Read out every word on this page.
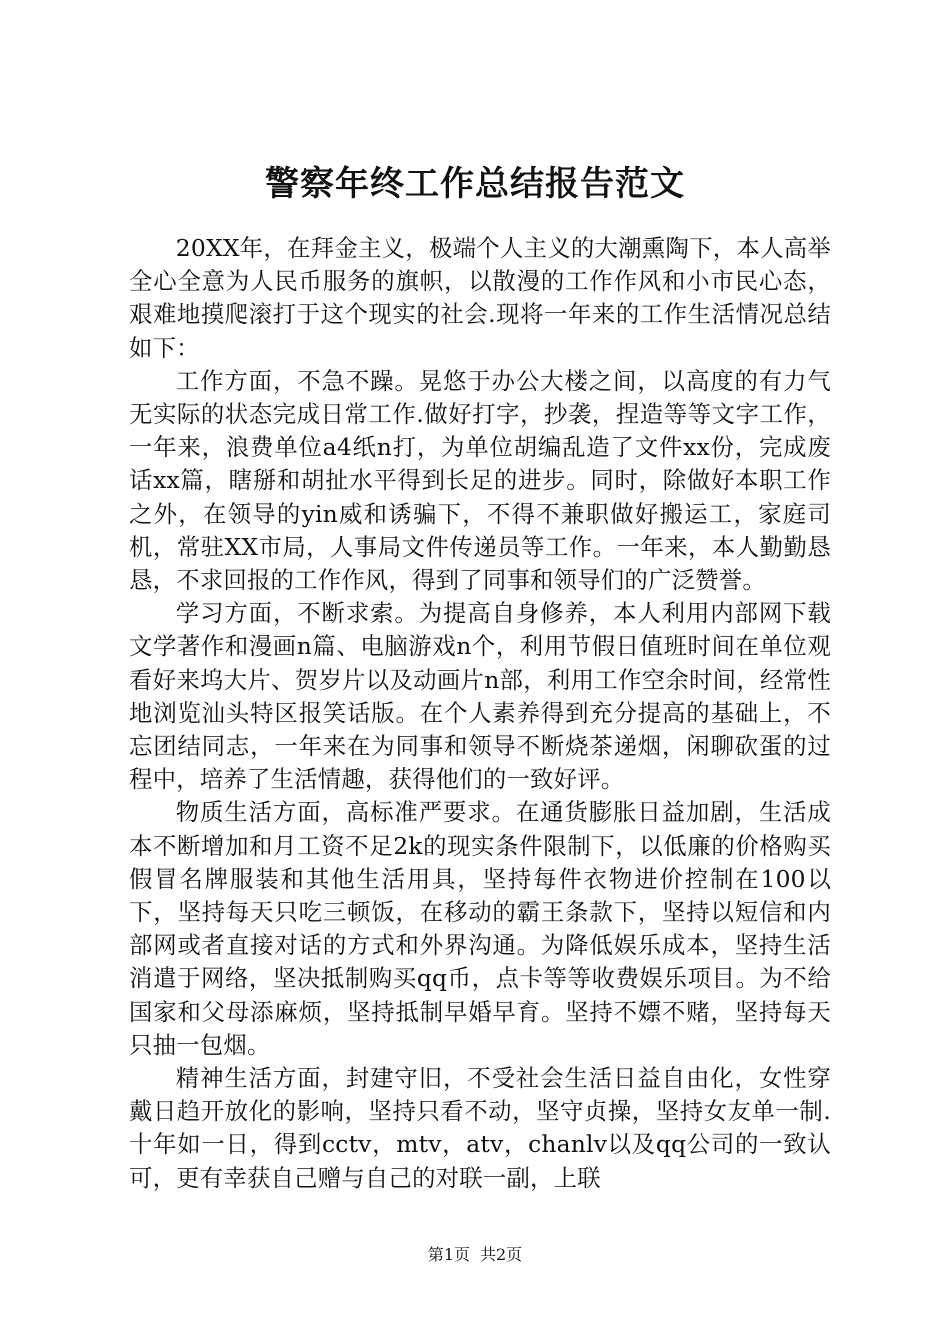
警察年终工作总结报告范文

20XX年，在拜金主义，极端个人主义的大潮熏陶下，本人高举全心全意为人民币服务的旗帜，以散漫的工作作风和小市民心态，艰难地摸爬滚打于这个现实的社会.现将一年来的工作生活情况总结如下：

工作方面，不急不躁。晃悠于办公大楼之间，以高度的有力气无实际的状态完成日常工作.做好打字，抄袭，捏造等等文字工作，一年来，浪费单位a4纸n打，为单位胡编乱造了文件xx份，完成废话xx篇，瞎掰和胡扯水平得到长足的进步。同时，除做好本职工作之外，在领导的yin威和诱骗下，不得不兼职做好搬运工，家庭司机，常驻XX市局，人事局文件传递员等工作。一年来，本人勤勤恳恳，不求回报的工作作风，得到了同事和领导们的广泛赞誉。

学习方面，不断求索。为提高自身修养，本人利用内部网下载文学著作和漫画n篇、电脑游戏n个，利用节假日值班时间在单位观看好来坞大片、贺岁片以及动画片n部，利用工作空余时间，经常性地浏览汕头特区报笑话版。在个人素养得到充分提高的基础上，不忘团结同志，一年来在为同事和领导不断烧茶递烟，闲聊砍蛋的过程中，培养了生活情趣，获得他们的一致好评。

物质生活方面，高标准严要求。在通货膨胀日益加剧，生活成本不断增加和月工资不足2k的现实条件限制下，以低廉的价格购买假冒名牌服装和其他生活用具，坚持每件衣物进价控制在100以下，坚持每天只吃三顿饭，在移动的霸王条款下，坚持以短信和内部网或者直接对话的方式和外界沟通。为降低娱乐成本，坚持生活消遣于网络，坚决抵制购买qq币，点卡等等收费娱乐项目。为不给国家和父母添麻烦，坚持抵制早婚早育。坚持不嫖不赌，坚持每天只抽一包烟。

精神生活方面，封建守旧，不受社会生活日益自由化，女性穿戴日趋开放化的影响，坚持只看不动，坚守贞操，坚持女友单一制.十年如一日，得到cctv，mtv，atv，chanlv以及qq公司的一致认可，更有幸获自己赠与自己的对联一副，上联

第1页 共2页
